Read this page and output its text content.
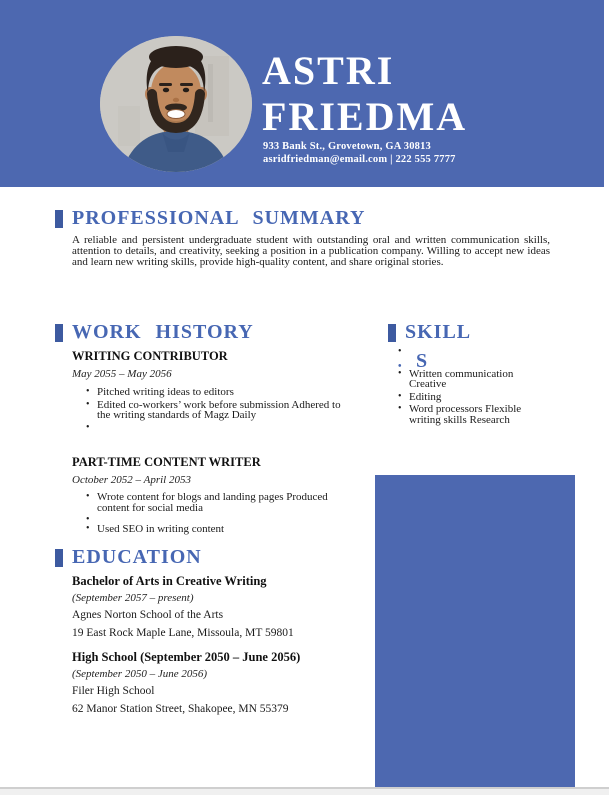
ASTRI
FRIEDMA
933 Bank St., Grovetown, GA 30813
asridfriedman@email.com | 222 555 7777
PROFESSIONAL SUMMARY
A reliable and persistent undergraduate student with outstanding oral and written communication skills, attention to details, and creativity, seeking a position in a publication company. Willing to accept new ideas and learn new writing skills, provide high-quality content, and share original stories.
WORK HISTORY
WRITING CONTRIBUTOR
May 2055 – May 2056
• Pitched writing ideas to editors
• Edited co-workers’ work before submission Adhered to the writing standards of Magz Daily
•
PART-TIME CONTENT WRITER
October 2052 – April 2053
• Wrote content for blogs and landing pages Produced content for social media
•
• Used SEO in writing content
SKILL
•
• S
• Written communication Creative
• Editing
• Word processors Flexible writing skills Research
EDUCATION
Bachelor of Arts in Creative Writing
(September 2057 – present)
Agnes Norton School of the Arts
19 East Rock Maple Lane, Missoula, MT 59801
High School (September 2050 – June 2056)
(September 2050 – June 2056)
Filer High School
62 Manor Station Street, Shakopee, MN 55379
